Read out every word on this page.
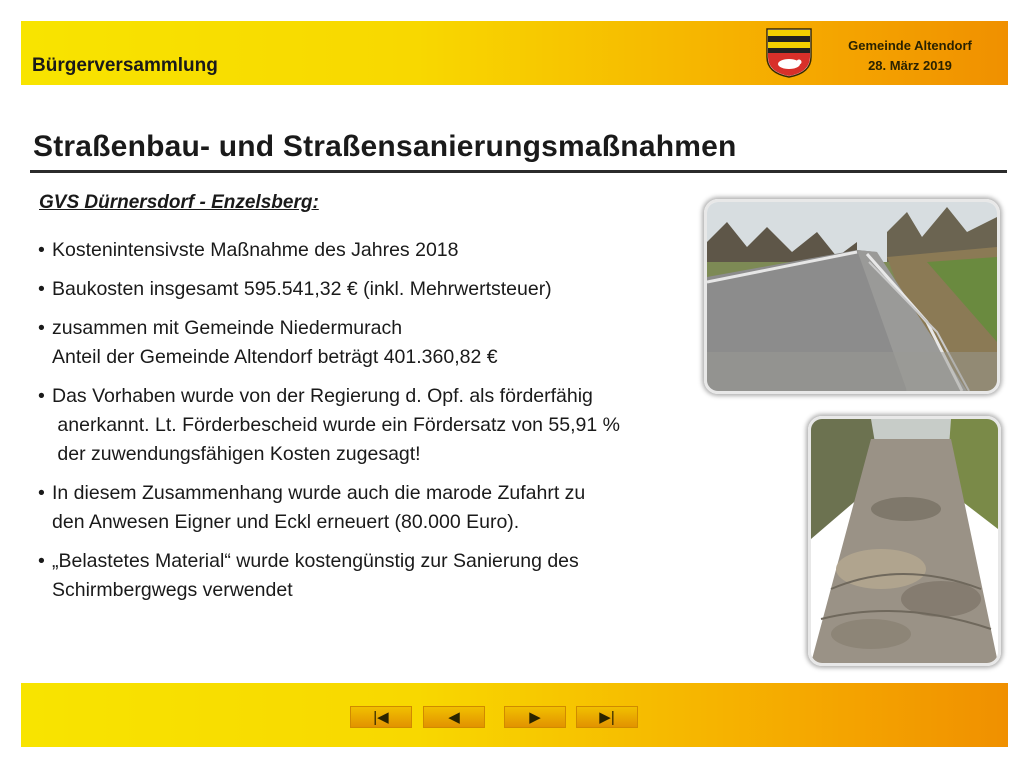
Bürgerversammlung
Gemeinde Altendorf
28. März 2019
Straßenbau- und Straßensanierungsmaßnahmen
GVS Dürnersdorf - Enzelsberg:
• Kostenintensivste Maßnahme des Jahres 2018
• Baukosten insgesamt 595.541,32 € (inkl. Mehrwertsteuer)
• zusammen mit Gemeinde Niedermurach
Anteil der Gemeinde Altendorf beträgt 401.360,82 €
• Das Vorhaben wurde von der Regierung d. Opf. als förderfähig
anerkannt. Lt. Förderbescheid wurde ein Fördersatz von 55,91 %
der zuwendungsfähigen Kosten zugesagt!
• In diesem Zusammenhang wurde auch die marode Zufahrt zu
den Anwesen Eigner und Eckl erneuert (80.000 Euro).
• „Belastetes Material“ wurde kostengünstig zur Sanierung des
Schirmbergwegs verwendet
|◀	◀	▶	▶|
